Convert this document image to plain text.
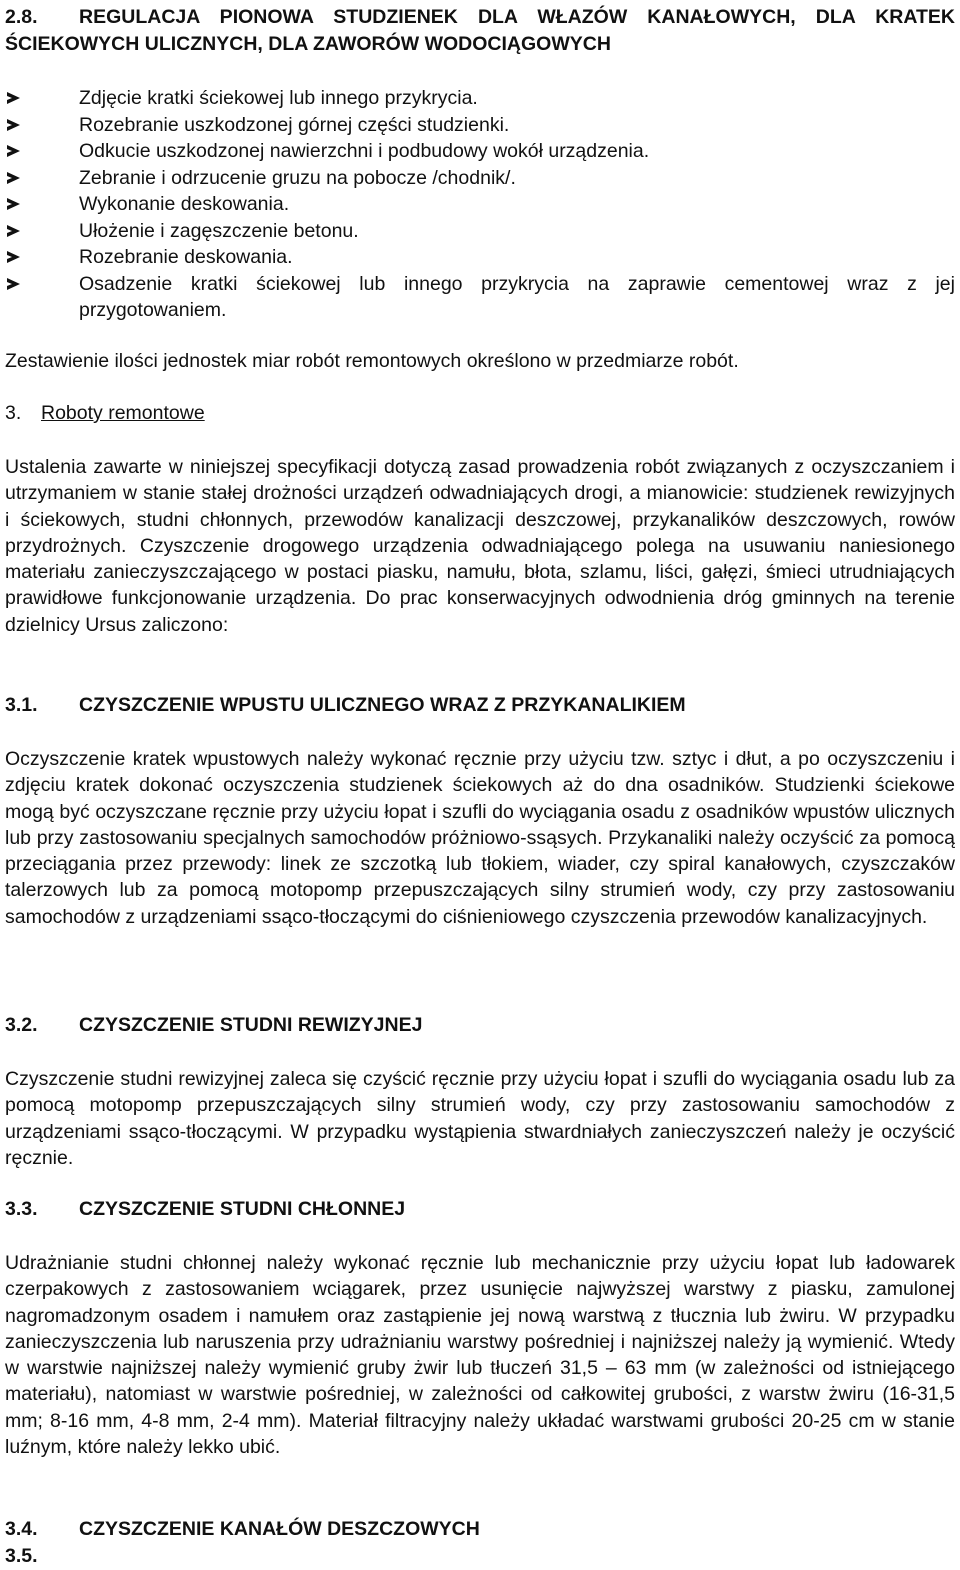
2.8. REGULACJA PIONOWA STUDZIENEK DLA WŁAZÓW KANAŁOWYCH, DLA KRATEK ŚCIEKOWYCH ULICZNYCH, DLA ZAWORÓW WODOCIĄGOWYCH
Zdjęcie kratki ściekowej lub innego przykrycia.
Rozebranie uszkodzonej górnej części studzienki.
Odkucie uszkodzonej nawierzchni i podbudowy wokół urządzenia.
Zebranie i odrzucenie gruzu na pobocze /chodnik/.
Wykonanie deskowania.
Ułożenie i zagęszczenie betonu.
Rozebranie deskowania.
Osadzenie kratki ściekowej lub innego przykrycia na zaprawie cementowej wraz z jej przygotowaniem.

Zestawienie ilości jednostek miar robót remontowych określono w przedmiarze robót.

3. Roboty remontowe

Ustalenia zawarte w niniejszej specyfikacji dotyczą zasad prowadzenia robót związanych z oczyszczaniem i utrzymaniem w stanie stałej drożności urządzeń odwadniających drogi, a mianowicie: studzienek rewizyjnych i ściekowych, studni chłonnych, przewodów kanalizacji deszczowej, przykanalików deszczowych, rowów przydrożnych. Czyszczenie drogowego urządzenia odwadniającego polega na usuwaniu naniesionego materiału zanieczyszczającego w postaci piasku, namułu, błota, szlamu, liści, gałęzi, śmieci utrudniających prawidłowe funkcjonowanie urządzenia. Do prac konserwacyjnych odwodnienia dróg gminnych na terenie dzielnicy Ursus zaliczono:

3.1. CZYSZCZENIE WPUSTU ULICZNEGO WRAZ Z PRZYKANALIKIEM

Oczyszczenie kratek wpustowych należy wykonać ręcznie przy użyciu tzw. sztyc i dłut, a po oczyszczeniu i zdjęciu kratek dokonać oczyszczenia studzienek ściekowych aż do dna osadników. Studzienki ściekowe mogą być oczyszczane ręcznie przy użyciu łopat i szufli do wyciągania osadu z osadników wpustów ulicznych lub przy zastosowaniu specjalnych samochodów próżniowo-ssąsych. Przykanaliki należy oczyścić za pomocą przeciągania przez przewody: linek ze szczotką lub tłokiem, wiader, czy spiral kanałowych, czyszczaków talerzowych lub za pomocą motopomp przepuszczających silny strumień wody, czy przy zastosowaniu samochodów z urządzeniami ssąco-tłoczącymi do ciśnieniowego czyszczenia przewodów kanalizacyjnych.

3.2. CZYSZCZENIE STUDNI REWIZYJNEJ

Czyszczenie studni rewizyjnej zaleca się czyścić ręcznie przy użyciu łopat i szufli do wyciągania osadu lub za pomocą motopomp przepuszczających silny strumień wody, czy przy zastosowaniu samochodów z urządzeniami ssąco-tłoczącymi. W przypadku wystąpienia stwardniałych zanieczyszczeń należy je oczyścić ręcznie.

3.3. CZYSZCZENIE STUDNI CHŁONNEJ

Udrażnianie studni chłonnej należy wykonać ręcznie lub mechanicznie przy użyciu łopat lub ładowarek czerpakowych z zastosowaniem wciągarek, przez usunięcie najwyższej warstwy z piasku, zamulonej nagromadzonym osadem i namułem oraz zastąpienie jej nową warstwą z tłucznia lub żwiru. W przypadku zanieczyszczenia lub naruszenia przy udrażnianiu warstwy pośredniej i najniższej należy ją wymienić. Wtedy w warstwie najniższej należy wymienić gruby żwir lub tłuczeń 31,5 – 63 mm (w zależności od istniejącego materiału), natomiast w warstwie pośredniej, w zależności od całkowitej grubości, z warstw żwiru (16-31,5 mm; 8-16 mm, 4-8 mm, 2-4 mm). Materiał filtracyjny należy układać warstwami grubości 20-25 cm w stanie luźnym, które należy lekko ubić.

3.4. CZYSZCZENIE KANAŁÓW DESZCZOWYCH
3.5.
